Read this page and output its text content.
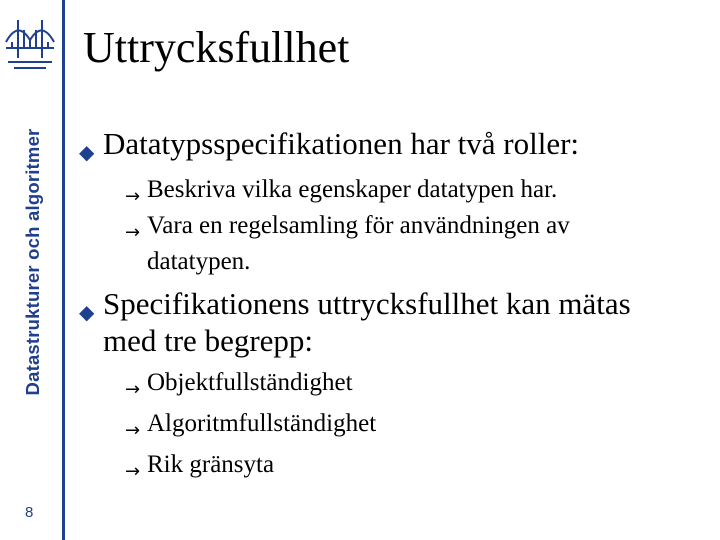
Datastrukturer och algoritmer
8
Uttrycksfullhet
◆ Datatypsspecifikationen har två roller:
→ Beskriva vilka egenskaper datatypen har.
→ Vara en regelsamling för användningen av
datatypen.
◆ Specifikationens uttrycksfullhet kan mätas
med tre begrepp:
→ Objektfullständighet
→ Algoritmfullständighet
→ Rik gränsyta
